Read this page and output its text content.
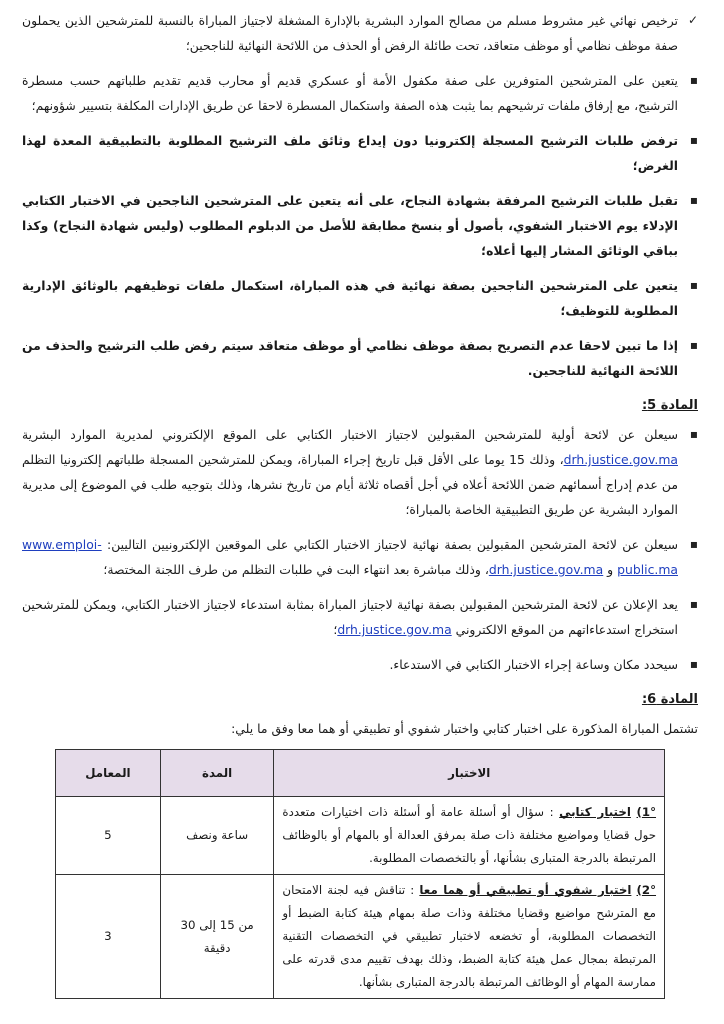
✓
ترخيص نهائي غير مشروط مسلم من مصالح الموارد البشرية بالإدارة المشغلة لاجتياز المباراة بالنسبة للمترشحين الذين يحملون صفة موظف نظامي أو موظف متعاقد، تحت طائلة الرفض أو الحذف من اللائحة النهائية للناجحين؛
▪
يتعين على المترشحين المتوفرين على صفة مكفول الأمة أو عسكري قديم أو محارب قديم تقديم طلباتهم حسب مسطرة الترشيح، مع إرفاق ملفات ترشيحهم بما يثبت هذه الصفة واستكمال المسطرة لاحقا عن طريق الإدارات المكلفة بتسيير شؤونهم؛
▪
ترفض طلبات الترشيح المسجلة إلكترونيا دون إيداع وثائق ملف الترشيح المطلوبة بالتطبيقية المعدة لهذا الغرض؛
▪
تقبل طلبات الترشيح المرفقة بشهادة النجاح، على أنه يتعين على المترشحين الناجحين في الاختبار الكتابي الإدلاء يوم الاختبار الشفوي، بأصول أو بنسخ مطابقة للأصل من الدبلوم المطلوب (وليس شهادة النجاح) وكذا بباقي الوثائق المشار إليها أعلاه؛
▪
يتعين على المترشحين الناجحين بصفة نهائية في هذه المباراة، استكمال ملفات توظيفهم بالوثائق الإدارية المطلوبة للتوظيف؛
▪
إذا ما تبين لاحقا عدم التصريح بصفة موظف نظامي أو موظف متعاقد سيتم رفض طلب الترشيح والحذف من اللائحة النهائية للناجحين.
المادة 5:
▪
سيعلن عن لائحة أولية للمترشحين المقبولين لاجتياز الاختبار الكتابي على الموقع الإلكتروني لمديرية الموارد البشرية drh.justice.gov.ma، وذلك 15 يوما على الأقل قبل تاريخ إجراء المباراة، ويمكن للمترشحين المسجلة طلباتهم إلكترونيا التظلم من عدم إدراج أسمائهم ضمن اللائحة أعلاه في أجل أقصاه ثلاثة أيام من تاريخ نشرها، وذلك بتوجيه طلب في الموضوع إلى مديرية الموارد البشرية عن طريق التطبيقية الخاصة بالمباراة؛
▪
سيعلن عن لائحة المترشحين المقبولين بصفة نهائية لاجتياز الاختبار الكتابي على الموقعين الإلكترونيين التاليين: www.emploi-public.ma و drh.justice.gov.ma، وذلك مباشرة بعد انتهاء البت في طلبات التظلم من طرف اللجنة المختصة؛
▪
يعد الإعلان عن لائحة المترشحين المقبولين بصفة نهائية لاجتياز المباراة بمثابة استدعاء لاجتياز الاختبار الكتابي، ويمكن للمترشحين استخراج استدعاءاتهم من الموقع الالكتروني drh.justice.gov.ma؛
▪
سيحدد مكان وساعة إجراء الاختبار الكتابي في الاستدعاء.
المادة 6:
تشتمل المباراة المذكورة على اختبار كتابي واختبار شفوي أو تطبيقي أو هما معا وفق ما يلي:
الاختبار	المدة	المعامل
1°) اختبار كتابي : سؤال أو أسئلة عامة أو أسئلة ذات اختيارات متعددة حول قضايا ومواضيع مختلفة ذات صلة بمرفق العدالة أو بالمهام أو بالوظائف المرتبطة بالدرجة المتبارى بشأنها، أو بالتخصصات المطلوبة.	ساعة ونصف	5
2°) اختبار شفوي أو تطبيقي أو هما معا : تناقش فيه لجنة الامتحان مع المترشح مواضيع وقضايا مختلفة وذات صلة بمهام هيئة كتابة الضبط أو التخصصات المطلوبة، أو تخضعه لاختبار تطبيقي في التخصصات التقنية المرتبطة بمجال عمل هيئة كتابة الضبط، وذلك بهدف تقييم مدى قدرته على ممارسة المهام أو الوظائف المرتبطة بالدرجة المتبارى بشأنها.	من 15 إلى 30 دقيقة	3
